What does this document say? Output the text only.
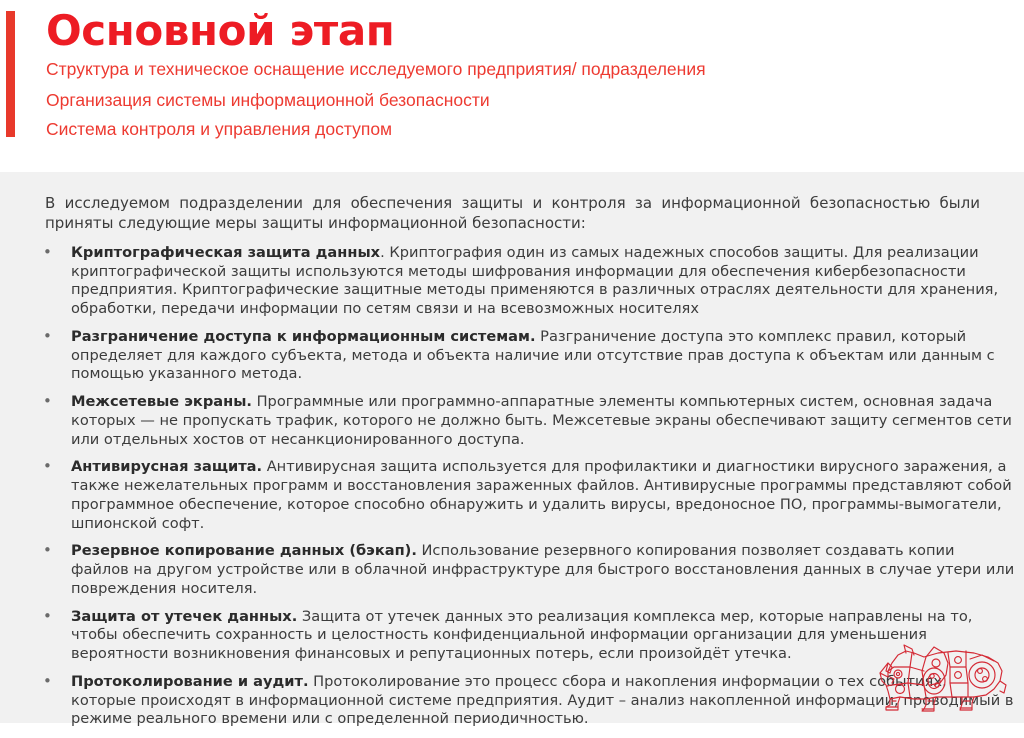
Основной этап
Структура и техническое оснащение исследуемого предприятия/ подразделения
Организация системы информационной безопасности
Система контроля и управления доступом

В исследуемом подразделении для обеспечения защиты и контроля за информационной безопасностью были приняты следующие меры защиты информационной безопасности:

• Криптографическая защита данных. Криптография один из самых надежных способов защиты. Для реализации криптографической защиты используются методы шифрования информации для обеспечения кибербезопасности предприятия. Криптографические защитные методы применяются в различных отраслях деятельности для хранения, обработки, передачи информации по сетям связи и на всевозможных носителях
• Разграничение доступа к информационным системам. Разграничение доступа это комплекс правил, который определяет для каждого субъекта, метода и объекта наличие или отсутствие прав доступа к объектам или данным с помощью указанного метода.
• Межсетевые экраны. Программные или программно-аппаратные элементы компьютерных систем, основная задача которых — не пропускать трафик, которого не должно быть. Межсетевые экраны обеспечивают защиту сегментов сети или отдельных хостов от несанкционированного доступа.
• Антивирусная защита. Антивирусная защита используется для профилактики и диагностики вирусного заражения, а также нежелательных программ и восстановления зараженных файлов. Антивирусные программы представляют собой программное обеспечение, которое способно обнаружить и удалить вирусы, вредоносное ПО, программы-вымогатели, шпионской софт.
• Резервное копирование данных (бэкап). Использование резервного копирования позволяет создавать копии файлов на другом устройстве или в облачной инфраструктуре для быстрого восстановления данных в случае утери или повреждения носителя.
• Защита от утечек данных. Защита от утечек данных это реализация комплекса мер, которые направлены на то, чтобы обеспечить сохранность и целостность конфиденциальной информации организации для уменьшения вероятности возникновения финансовых и репутационных потерь, если произойдёт утечка.
• Протоколирование и аудит. Протоколирование это процесс сбора и накопления информации о тех событиях, которые происходят в информационной системе предприятия. Аудит – анализ накопленной информации, проводимый в режиме реального времени или с определенной периодичностью.
